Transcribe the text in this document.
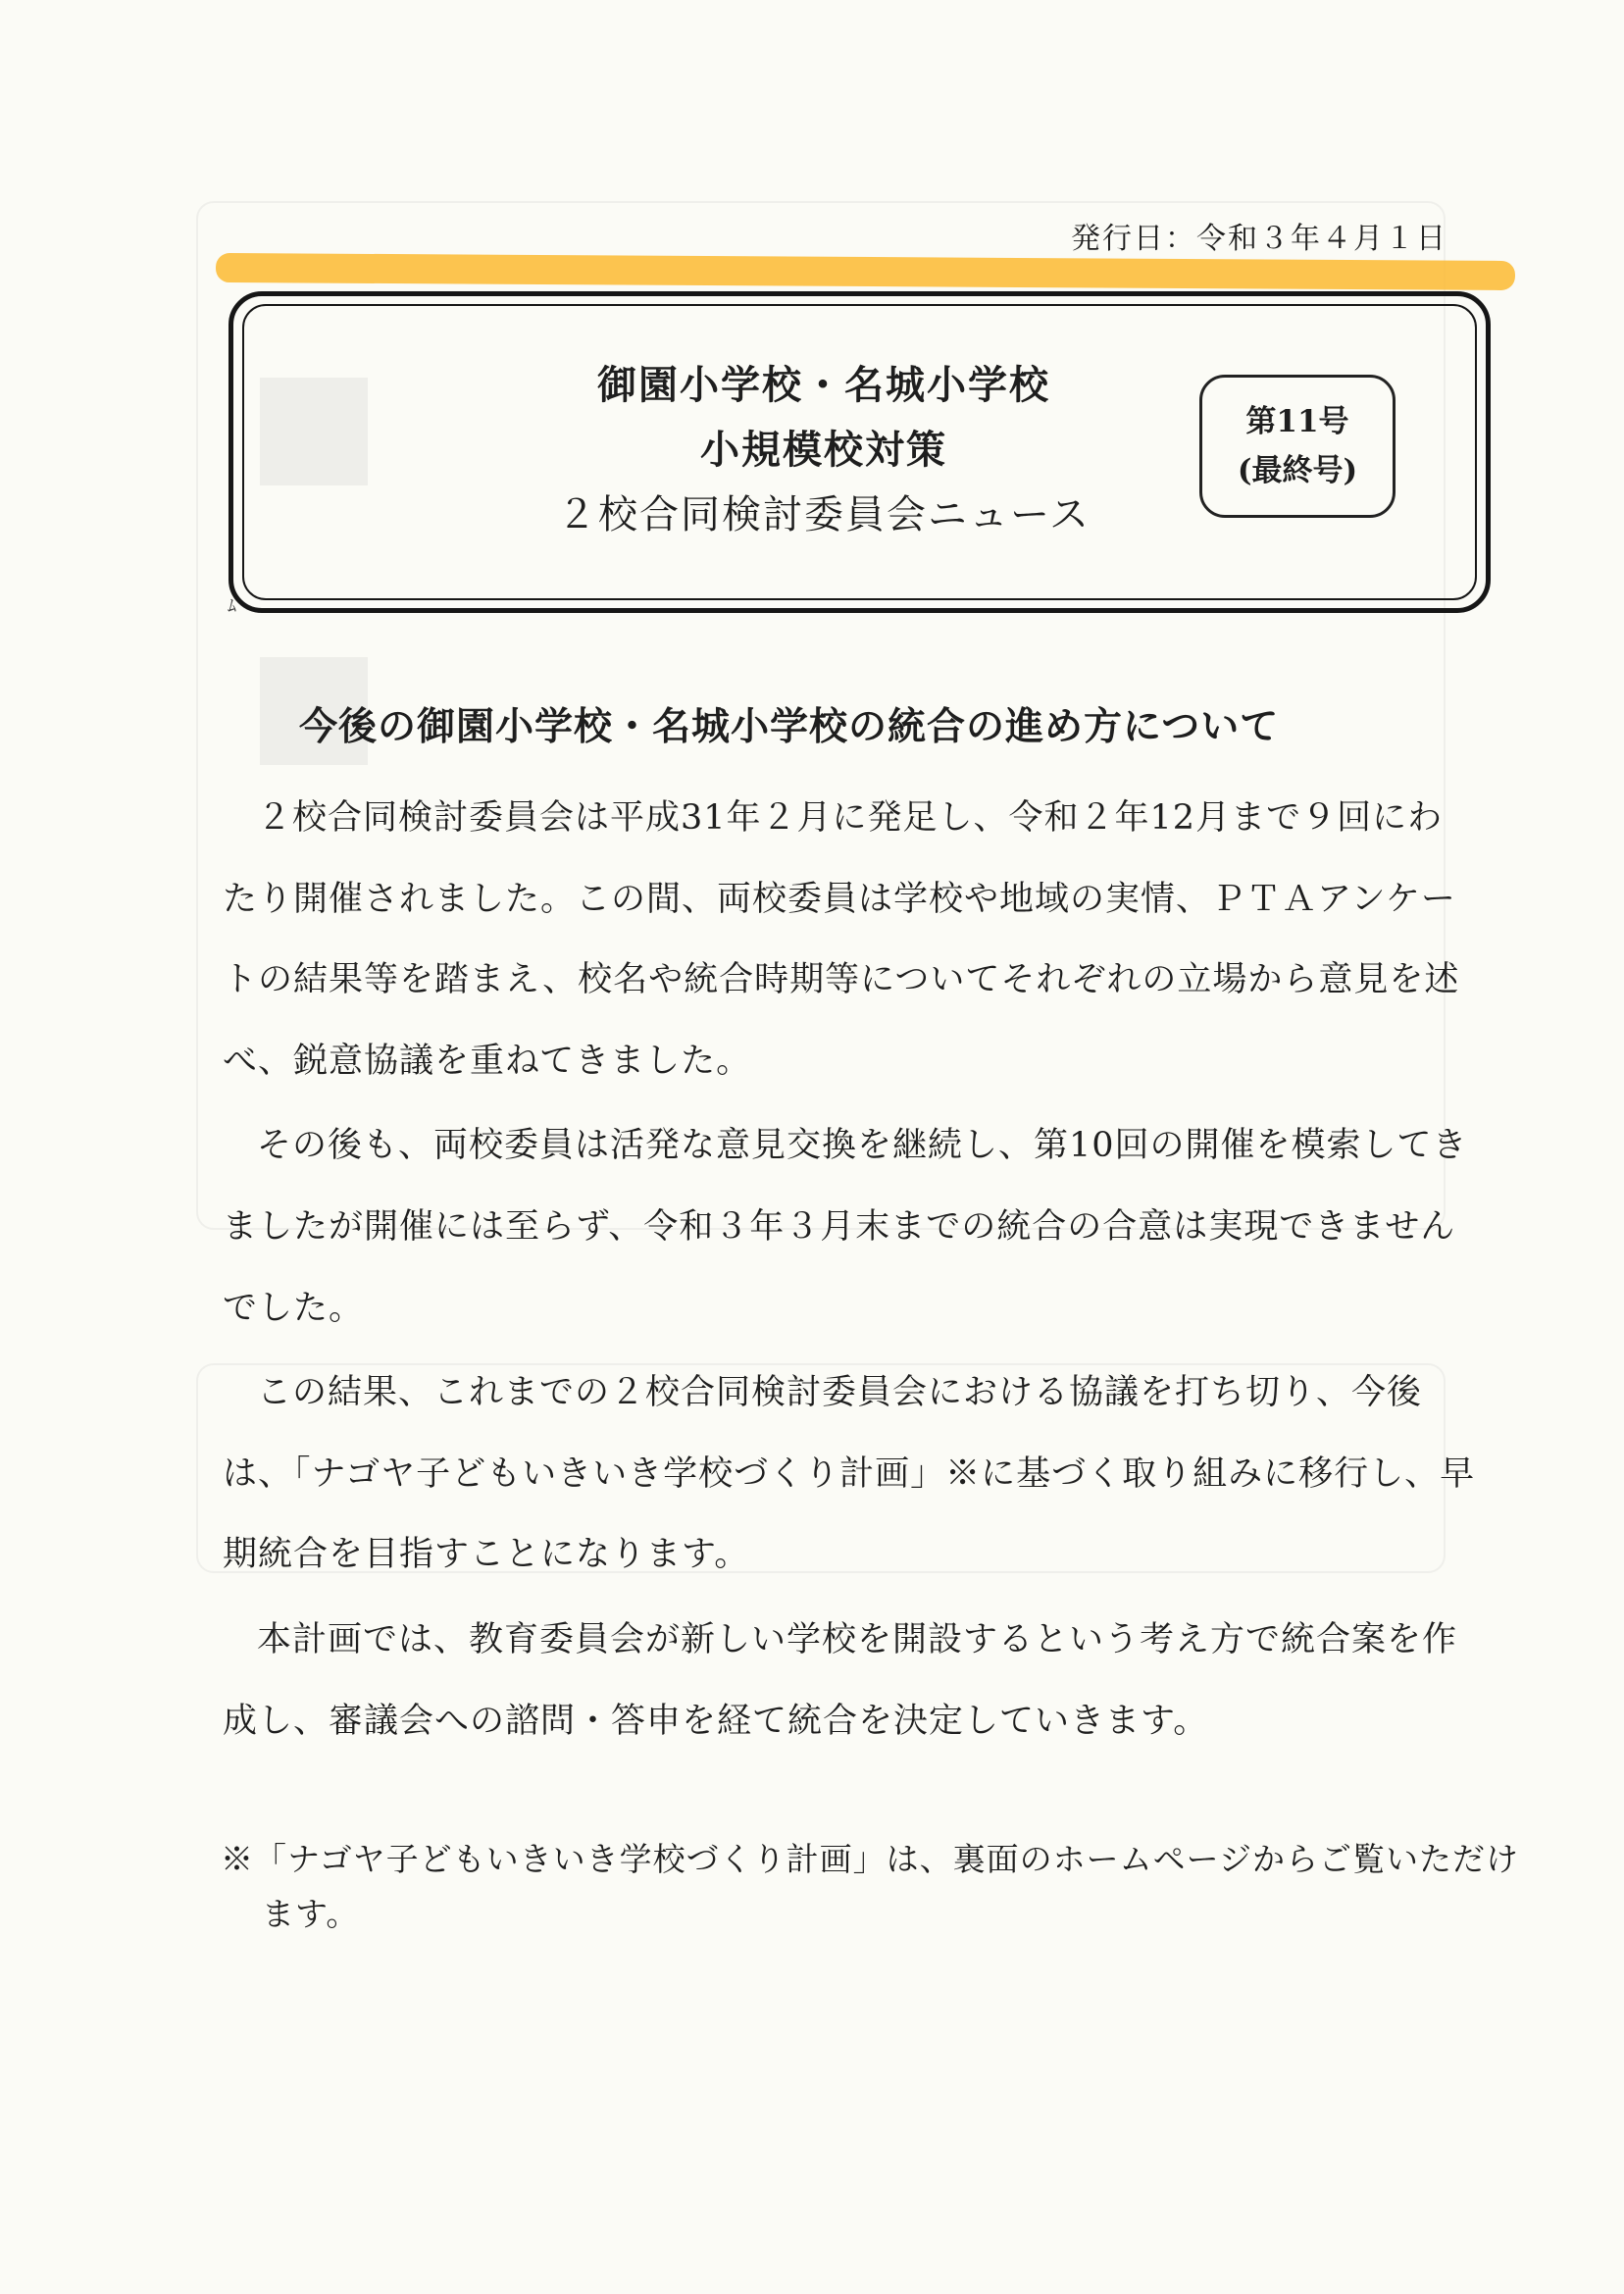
発行日：令和３年４月１日
ﾑ
御園小学校・名城小学校
小規模校対策
２校合同検討委員会ニュース
第11号
(最終号)
今後の御園小学校・名城小学校の統合の進め方について

２校合同検討委員会は平成31年２月に発足し、令和２年12月まで９回にわたり開催されました。この間、両校委員は学校や地域の実情、ＰＴＡアンケートの結果等を踏まえ、校名や統合時期等についてそれぞれの立場から意見を述べ、鋭意協議を重ねてきました。

その後も、両校委員は活発な意見交換を継続し、第10回の開催を模索してきましたが開催には至らず、令和３年３月末までの統合の合意は実現できませんでした。

この結果、これまでの２校合同検討委員会における協議を打ち切り、今後は、「ナゴヤ子どもいきいき学校づくり計画」※に基づく取り組みに移行し、早期統合を目指すことになります。

本計画では、教育委員会が新しい学校を開設するという考え方で統合案を作成し、審議会への諮問・答申を経て統合を決定していきます。

※「ナゴヤ子どもいきいき学校づくり計画」は、裏面のホームページからご覧いただけます。
